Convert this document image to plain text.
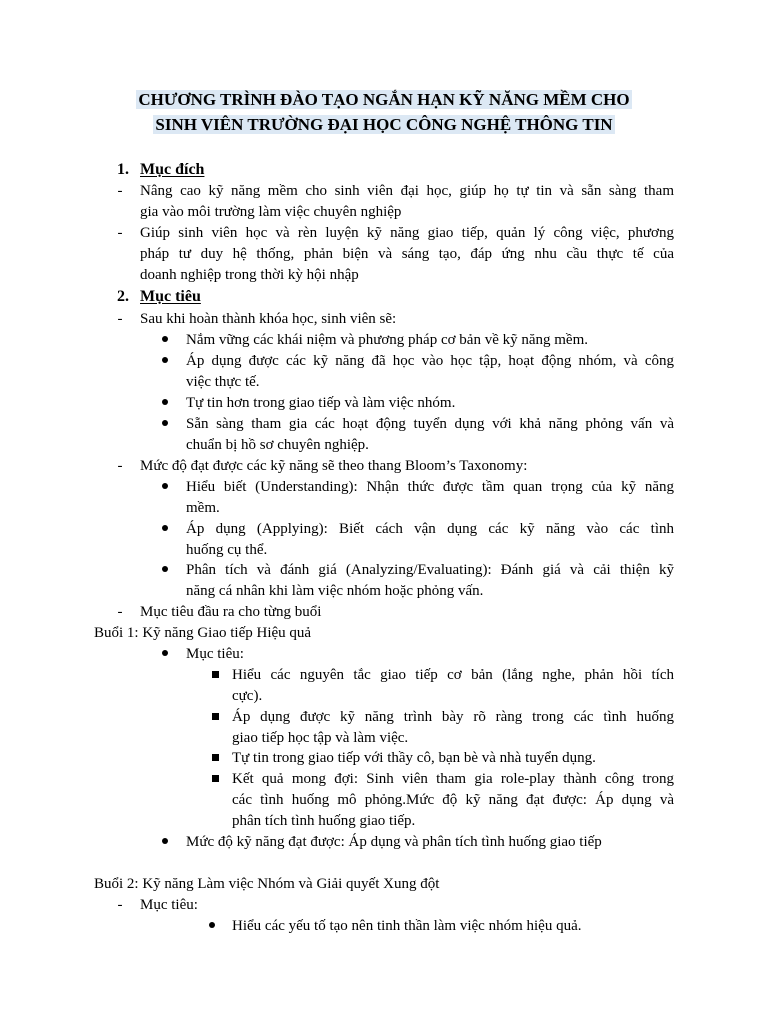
CHƯƠNG TRÌNH ĐÀO TẠO NGẮN HẠN KỸ NĂNG MỀM CHO
SINH VIÊN TRƯỜNG ĐẠI HỌC CÔNG NGHỆ THÔNG TIN
1. Mục đích
-	Nâng cao kỹ năng mềm cho sinh viên đại học, giúp họ tự tin và sẵn sàng tham
gia vào môi trường làm việc chuyên nghiệp
-	Giúp sinh viên học và rèn luyện kỹ năng giao tiếp, quản lý công việc, phương
pháp tư duy hệ thống, phản biện và sáng tạo, đáp ứng nhu cầu thực tế của
doanh nghiệp trong thời kỳ hội nhập
2. Mục tiêu
-	Sau khi hoàn thành khóa học, sinh viên sẽ:
Nắm vững các khái niệm và phương pháp cơ bản về kỹ năng mềm.
Áp dụng được các kỹ năng đã học vào học tập, hoạt động nhóm, và công
việc thực tế.
Tự tin hơn trong giao tiếp và làm việc nhóm.
Sẵn sàng tham gia các hoạt động tuyển dụng với khả năng phỏng vấn và
chuẩn bị hồ sơ chuyên nghiệp.
-	Mức độ đạt được các kỹ năng sẽ theo thang Bloom’s Taxonomy:
Hiểu biết (Understanding): Nhận thức được tầm quan trọng của kỹ năng
mềm.
Áp dụng (Applying): Biết cách vận dụng các kỹ năng vào các tình
huống cụ thể.
Phân tích và đánh giá (Analyzing/Evaluating): Đánh giá và cải thiện kỹ
năng cá nhân khi làm việc nhóm hoặc phỏng vấn.
-	Mục tiêu đầu ra cho từng buổi
Buổi 1: Kỹ năng Giao tiếp Hiệu quả
Mục tiêu:
Hiểu các nguyên tắc giao tiếp cơ bản (lắng nghe, phản hồi tích
cực).
Áp dụng được kỹ năng trình bày rõ ràng trong các tình huống
giao tiếp học tập và làm việc.
Tự tin trong giao tiếp với thầy cô, bạn bè và nhà tuyển dụng.
Kết quả mong đợi: Sinh viên tham gia role-play thành công trong
các tình huống mô phỏng.Mức độ kỹ năng đạt được: Áp dụng và
phân tích tình huống giao tiếp.
Mức độ kỹ năng đạt được: Áp dụng và phân tích tình huống giao tiếp
Buổi 2: Kỹ năng Làm việc Nhóm và Giải quyết Xung đột
-	Mục tiêu:
Hiểu các yếu tố tạo nên tinh thần làm việc nhóm hiệu quả.
